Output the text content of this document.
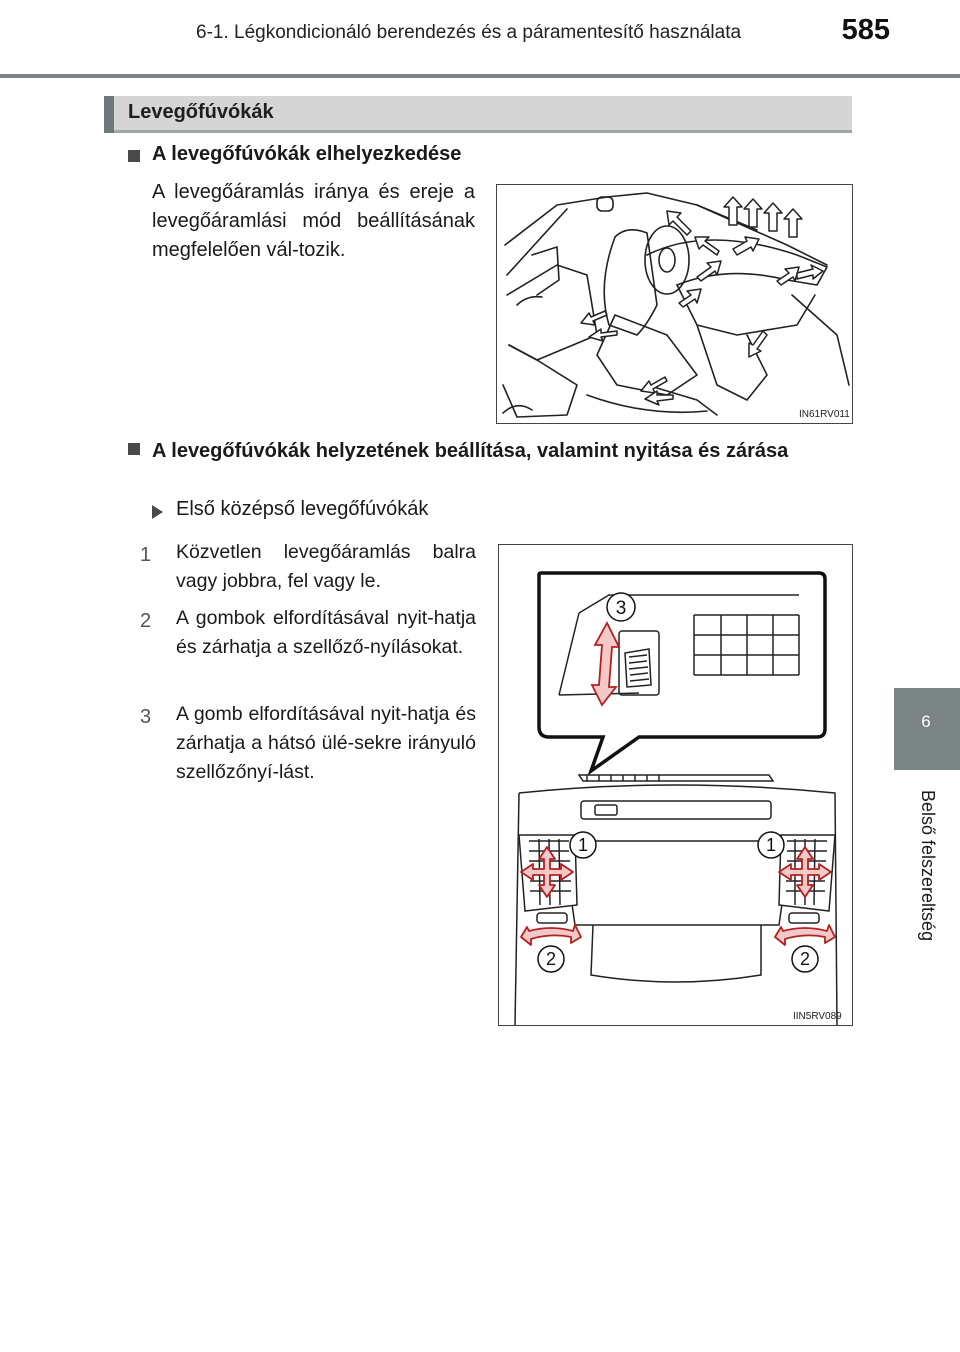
6-1. Légkondicionáló berendezés és a páramentesítő használata	585
6
Belső felszereltség
Levegőfúvókák
A levegőfúvókák elhelyezkedése
A levegőáramlás iránya és ereje a levegőáramlási mód beállításának megfelelően vál-tozik.
IN61RV011
A levegőfúvókák helyzetének beállítása, valamint nyitása és zárása
Első középső levegőfúvókák
1	Közvetlen levegőáramlás balra vagy jobbra, fel vagy le.
2	A gombok elfordításával nyit-hatja és zárhatja a szellőző-nyílásokat.
3	A gomb elfordításával nyit-hatja és zárhatja a hátsó ülé-sekre irányuló szellőzőnyí-lást.
3
1	1
2	2
IIN5RV089
